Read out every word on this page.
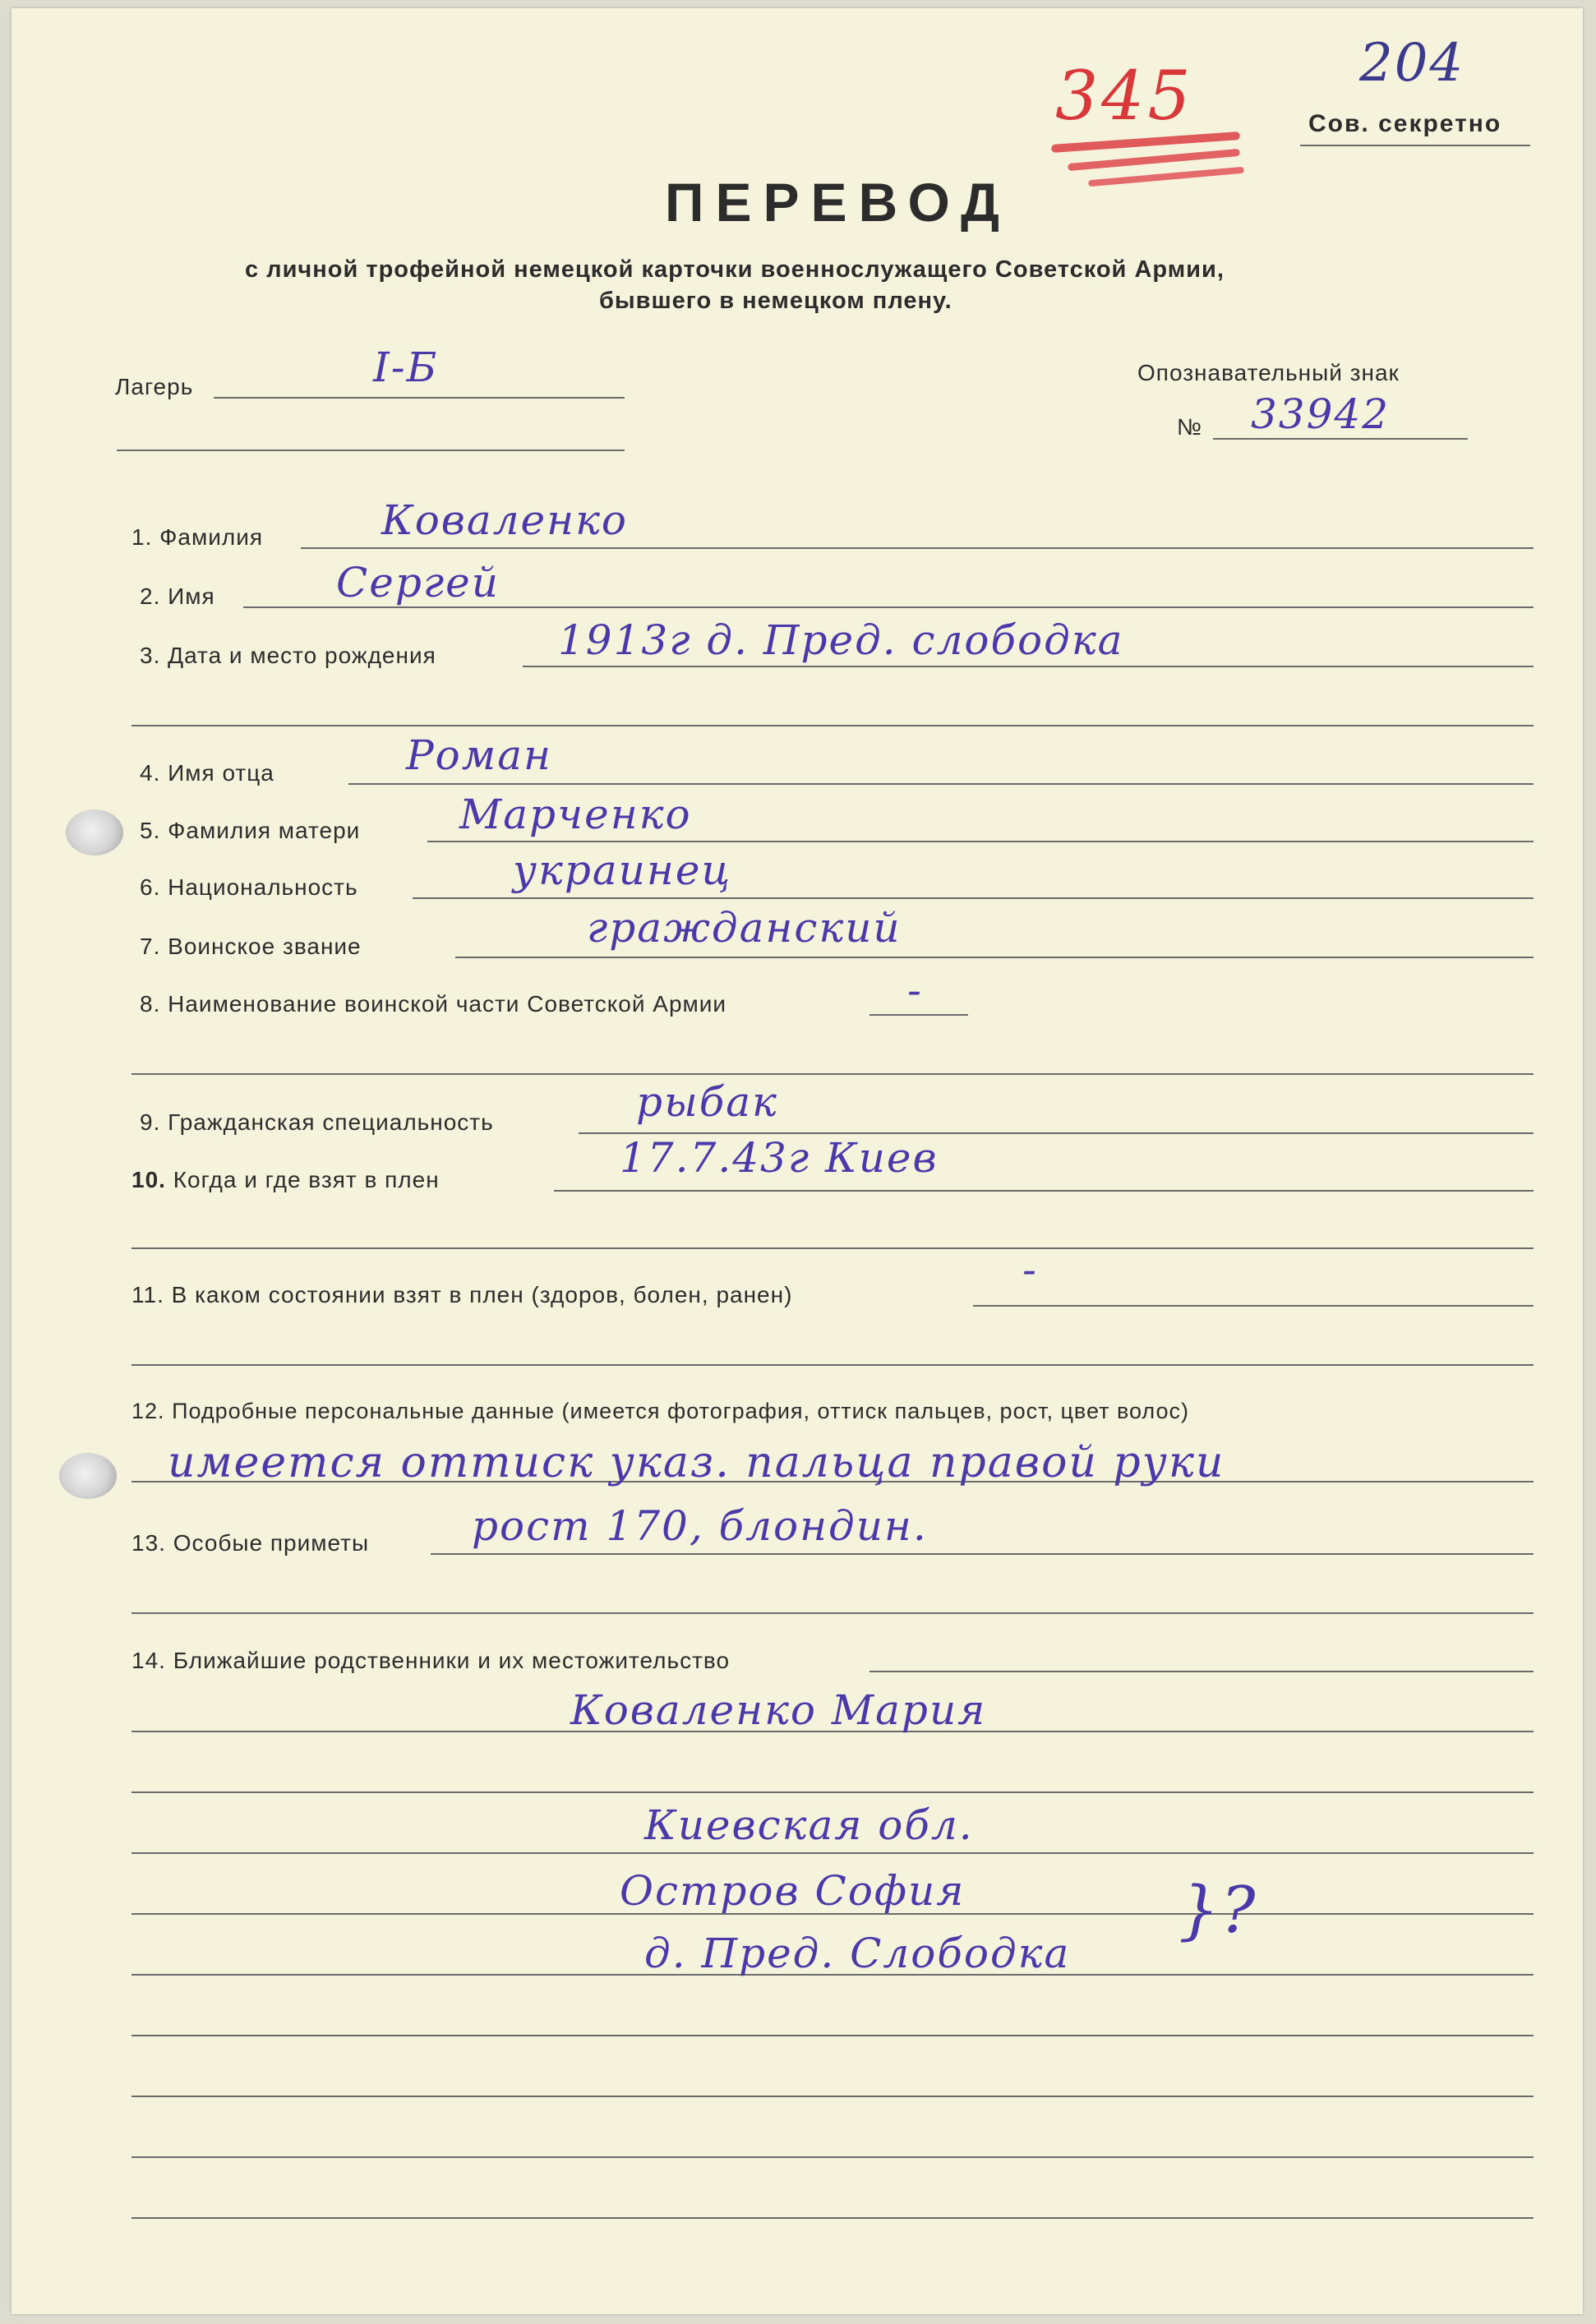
204
345	Сов. секретно
ПЕРЕВОД
с личной трофейной немецкой карточки военнослужащего Советской Армии,
бывшего в немецком плену.
Лагерь	I-Б	Опознавательный знак
№ 33942
1. Фамилия	Коваленко
2. Имя	Сергей
3. Дата и место рождения	1913г д. Пред. слободка
4. Имя отца	Роман
5. Фамилия матери Марченко
6. Национальность	украинец
7. Воинское звание	гражданский
8. Наименование воинской части Советской Армии	-
9. Гражданская специальность	рыбак
10. Когда и где взят в плен	17.7.43г Киев
11. В каком состоянии взят в плен (здоров, болен, ранен)
-
12. Подробные персональные данные (имеется фотография, оттиск пальцев, рост, цвет волос)
имеется оттиск указ. пальца правой руки
13. Особые приметы рост 170, блондин.
14. Ближайшие родственники и их местожительство
Коваленко Мария
Киевская обл.
Остров София
д. Пред. Слободка
}?
